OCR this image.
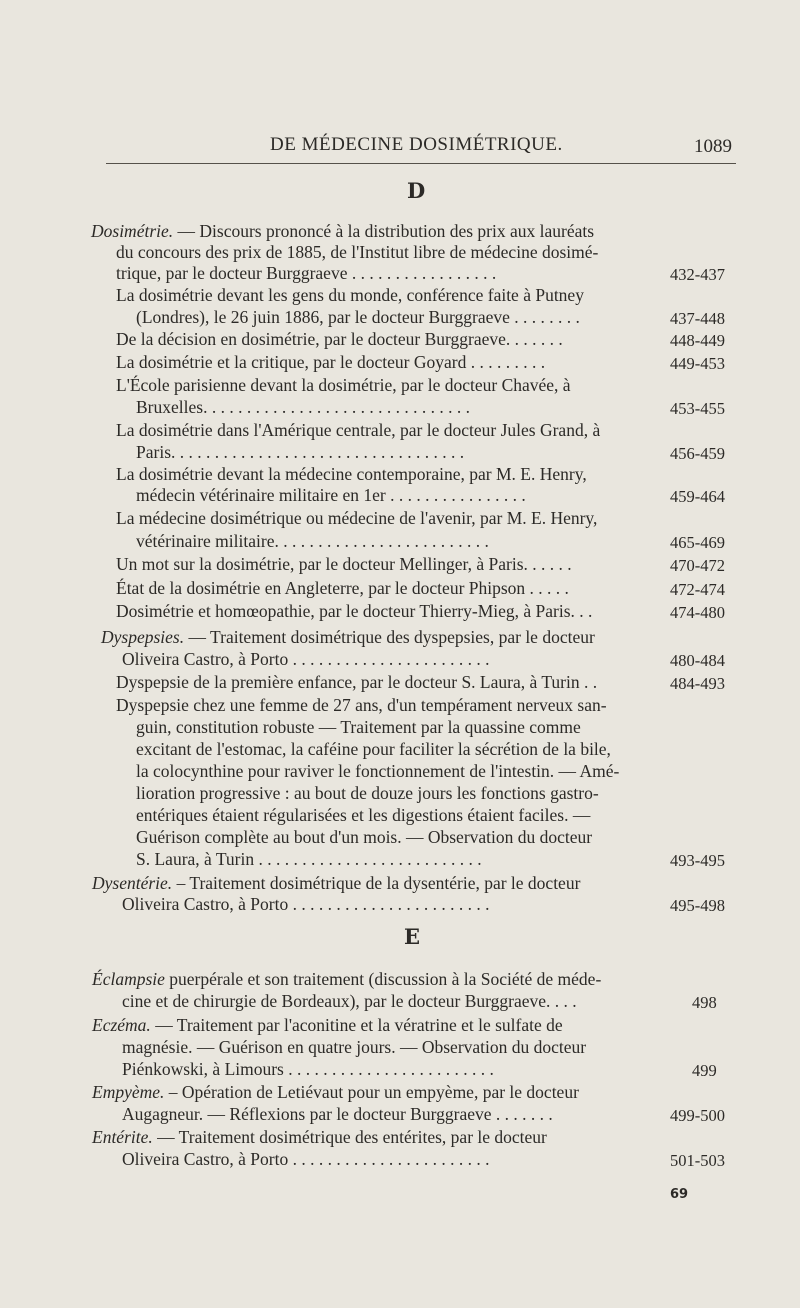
DE MÉDECINE DOSIMÉTRIQUE.	1089
D
E
Dosimétrie. — Discours prononcé à la distribution des prix aux lauréats
du concours des prix de 1885, de l'Institut libre de médecine dosimé-
trique, par le docteur Burggraeve . . . . . . . . . . . . . . . . .	432-437
La dosimétrie devant les gens du monde, conférence faite à Putney
(Londres), le 26 juin 1886, par le docteur Burggraeve . . . . . . . .	437-448
De la décision en dosimétrie, par le docteur Burggraeve. . . . . . .	448-449
La dosimétrie et la critique, par le docteur Goyard . . . . . . . . .	449-453
L'École parisienne devant la dosimétrie, par le docteur Chavée, à
Bruxelles. . . . . . . . . . . . . . . . . . . . . . . . . . . . . . .	453-455
La dosimétrie dans l'Amérique centrale, par le docteur Jules Grand, à
Paris. . . . . . . . . . . . . . . . . . . . . . . . . . . . . . . . . .	456-459
La dosimétrie devant la médecine contemporaine, par M. E. Henry,
médecin vétérinaire militaire en 1er . . . . . . . . . . . . . . . .	459-464
La médecine dosimétrique ou médecine de l'avenir, par M. E. Henry,
vétérinaire militaire. . . . . . . . . . . . . . . . . . . . . . . . .	465-469
Un mot sur la dosimétrie, par le docteur Mellinger, à Paris. . . . . .	470-472
État de la dosimétrie en Angleterre, par le docteur Phipson . . . . .	472-474
Dosimétrie et homœopathie, par le docteur Thierry-Mieg, à Paris. . .	474-480
Dyspepsies. — Traitement dosimétrique des dyspepsies, par le docteur
Oliveira Castro, à Porto . . . . . . . . . . . . . . . . . . . . . . .	480-484
Dyspepsie de la première enfance, par le docteur S. Laura, à Turin . .	484-493
Dyspepsie chez une femme de 27 ans, d'un tempérament nerveux san-
guin, constitution robuste — Traitement par la quassine comme
excitant de l'estomac, la caféine pour faciliter la sécrétion de la bile,
la colocynthine pour raviver le fonctionnement de l'intestin. — Amé-
lioration progressive : au bout de douze jours les fonctions gastro-
entériques étaient régularisées et les digestions étaient faciles. —
Guérison complète au bout d'un mois. — Observation du docteur
S. Laura, à Turin . . . . . . . . . . . . . . . . . . . . . . . . . .	493-495
Dysentérie. – Traitement dosimétrique de la dysentérie, par le docteur
Oliveira Castro, à Porto . . . . . . . . . . . . . . . . . . . . . . .	495-498
Éclampsie puerpérale et son traitement (discussion à la Société de méde-
cine et de chirurgie de Bordeaux), par le docteur Burggraeve. . . .	498
Eczéma. — Traitement par l'aconitine et la vératrine et le sulfate de
magnésie. — Guérison en quatre jours. — Observation du docteur
Piénkowski, à Limours . . . . . . . . . . . . . . . . . . . . . . . .	499
Empyème. – Opération de Letiévaut pour un empyème, par le docteur
Augagneur. — Réflexions par le docteur Burggraeve . . . . . . .	499-500
Entérite. — Traitement dosimétrique des entérites, par le docteur
Oliveira Castro, à Porto . . . . . . . . . . . . . . . . . . . . . . .	501-503
69
